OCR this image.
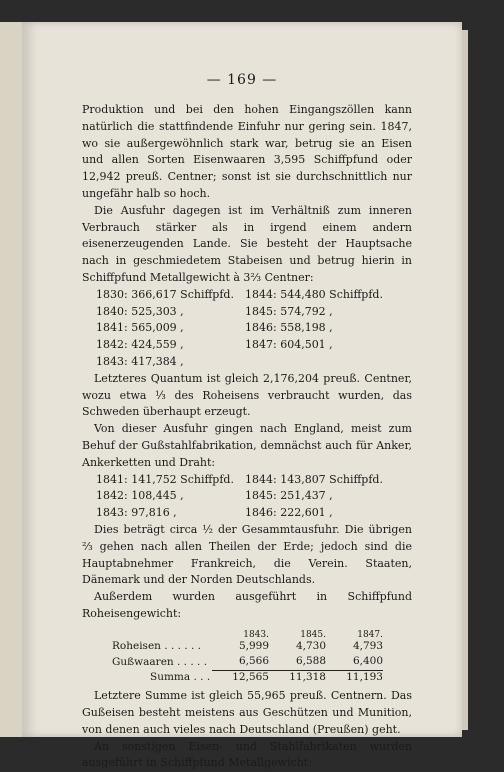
— 169 —

Produktion und bei den hohen Eingangszöllen kann natürlich die stattfindende Einfuhr nur gering sein. 1847, wo sie außergewöhnlich stark war, betrug sie an Eisen und allen Sorten Eisenwaaren 3,595 Schiffpfund oder 12,942 preuß. Centner; sonst ist sie durchschnittlich nur ungefähr halb so hoch.

Die Ausfuhr dagegen ist im Verhältniß zum inneren Verbrauch stärker als in irgend einem andern eisenerzeugenden Lande. Sie besteht der Hauptsache nach in geschmiedetem Stabeisen und betrug hierin in Schiffpfund Metallgewicht à 3⅔ Centner:

1830: 366,617 Schiffpfd.	1844: 544,480 Schiffpfd.
1840: 525,303 ,	1845: 574,792 ,
1841: 565,009 ,	1846: 558,198 ,
1842: 424,559 ,	1847: 604,501 ,
1843: 417,384 ,

Letzteres Quantum ist gleich 2,176,204 preuß. Centner, wozu etwa ⅓ des Roheisens verbraucht wurden, das Schweden überhaupt erzeugt.

Von dieser Ausfuhr gingen nach England, meist zum Behuf der Gußstahlfabrikation, demnächst auch für Anker, Ankerketten und Draht:

1841: 141,752 Schiffpfd.	1844: 143,807 Schiffpfd.
1842: 108,445 ,	1845: 251,437 ,
1843: 97,816 ,	1846: 222,601 ,

Dies beträgt circa ½ der Gesammtausfuhr. Die übrigen ⅔ gehen nach allen Theilen der Erde; jedoch sind die Hauptabnehmer Frankreich, die Verein. Staaten, Dänemark und der Norden Deutschlands.

Außerdem wurden ausgeführt in Schiffpfund Roheisengewicht:

1843.	1845.	1847.
Roheisen . . . . . .	5,999	4,730	4,793
Gußwaaren . . . . .	6,566	6,588	6,400
Summa . . .	12,565	11,318	11,193

Letztere Summe ist gleich 55,965 preuß. Centnern. Das Gußeisen besteht meistens aus Geschützen und Munition, von denen auch vieles nach Deutschland (Preußen) geht.

An sonstigen Eisen- und Stahlfabrikaten wurden ausgeführt in Schiffpfund Metallgewicht:
